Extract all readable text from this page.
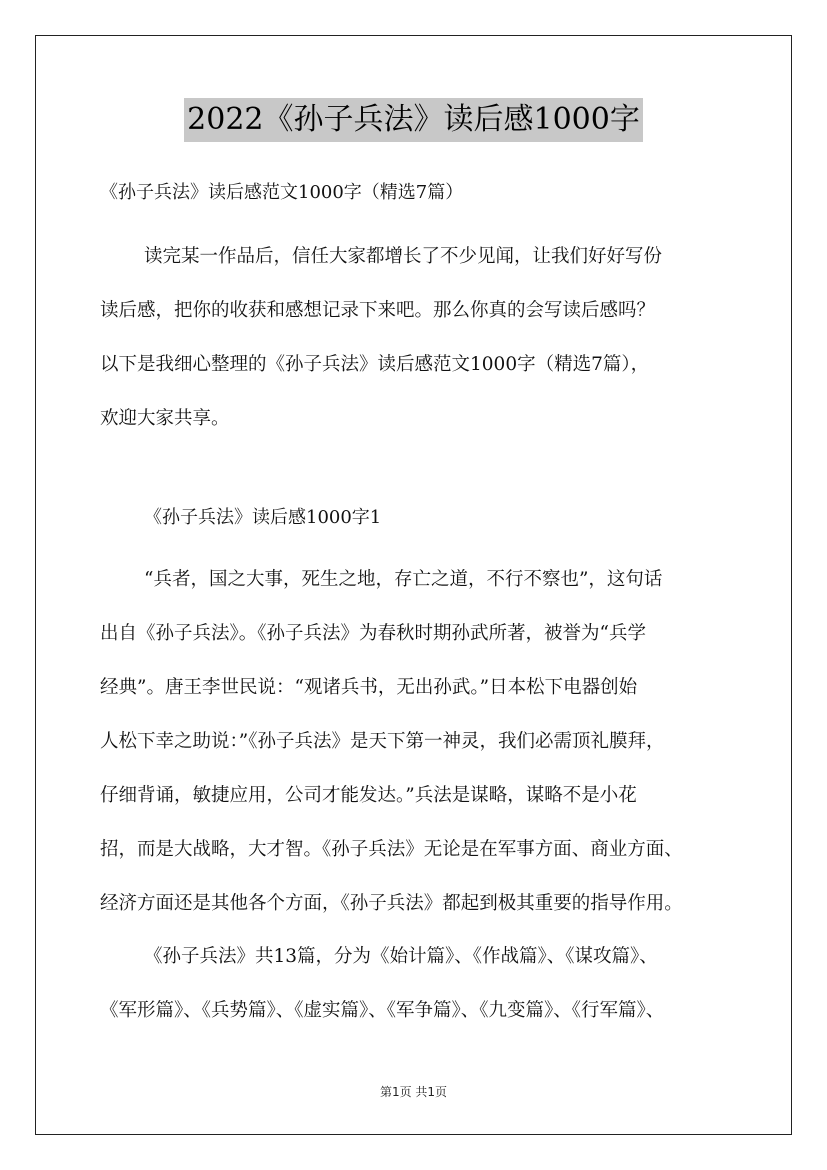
2022《孙子兵法》读后感1000字
《孙子兵法》读后感范文1000字（精选7篇）
读完某一作品后，信任大家都增长了不少见闻，让我们好好写份
读后感，把你的收获和感想记录下来吧。那么你真的会写读后感吗？
以下是我细心整理的《孙子兵法》读后感范文1000字（精选7篇），
欢迎大家共享。
《孙子兵法》读后感1000字1
“兵者，国之大事，死生之地，存亡之道，不行不察也”，这句话
出自《孙子兵法》。《孙子兵法》为春秋时期孙武所著，被誉为“兵学
经典”。唐王李世民说：“观诸兵书，无出孙武。”日本松下电器创始
人松下幸之助说：”《孙子兵法》是天下第一神灵，我们必需顶礼膜拜，
仔细背诵，敏捷应用，公司才能发达。”兵法是谋略，谋略不是小花
招，而是大战略，大才智。《孙子兵法》无论是在军事方面、商业方面、
经济方面还是其他各个方面，《孙子兵法》都起到极其重要的指导作用。
《孙子兵法》共13篇，分为《始计篇》、《作战篇》、《谋攻篇》、
《军形篇》、《兵势篇》、《虚实篇》、《军争篇》、《九变篇》、《行军篇》、
第1页 共1页
